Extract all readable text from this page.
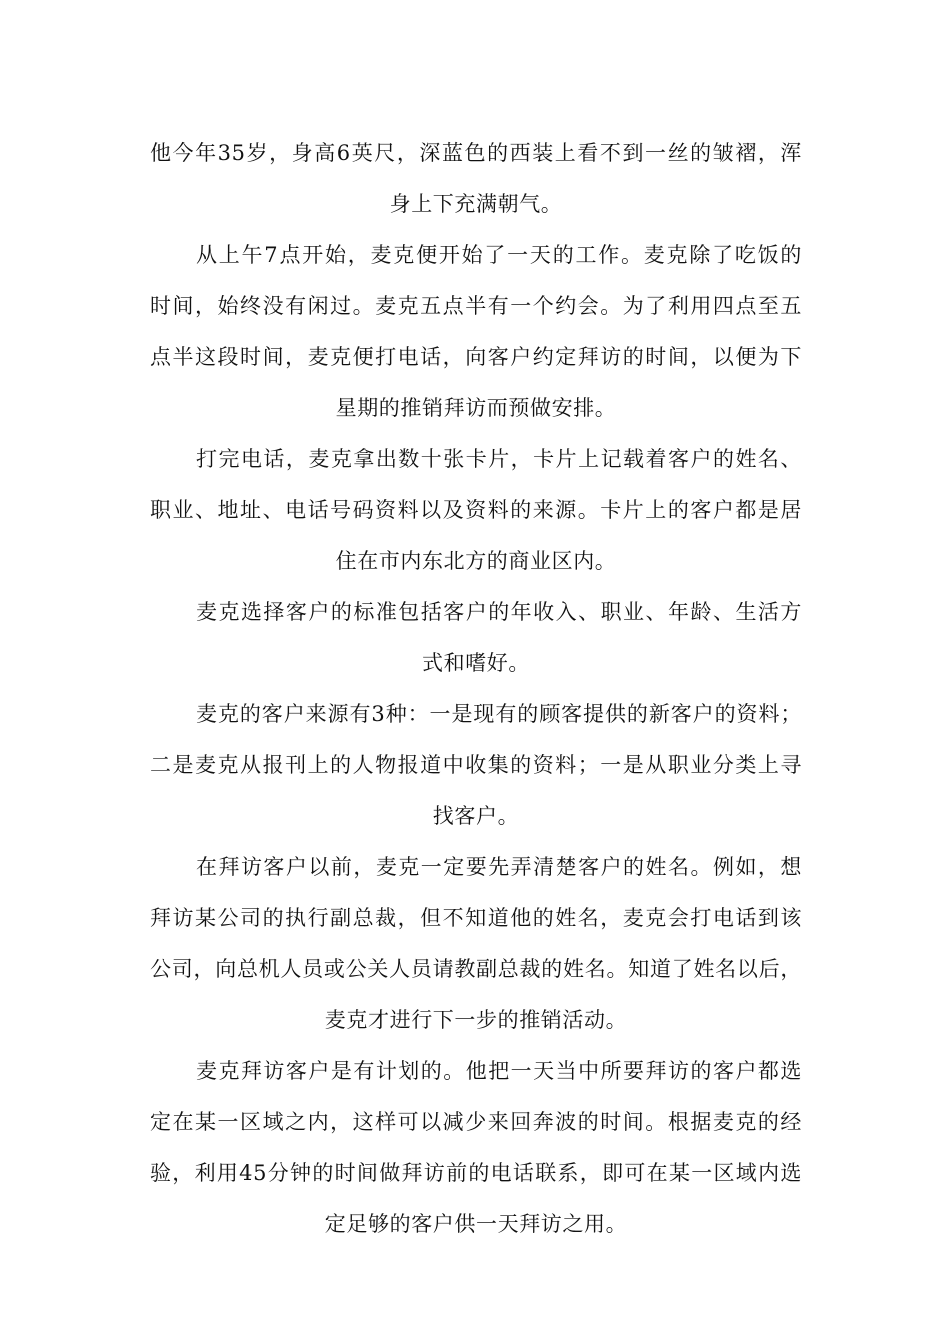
他今年35岁，身高6英尺，深蓝色的西装上看不到一丝的皱褶，浑
身上下充满朝气。
从上午7点开始，麦克便开始了一天的工作。麦克除了吃饭的
时间，始终没有闲过。麦克五点半有一个约会。为了利用四点至五
点半这段时间，麦克便打电话，向客户约定拜访的时间，以便为下
星期的推销拜访而预做安排。
打完电话，麦克拿出数十张卡片，卡片上记载着客户的姓名、
职业、地址、电话号码资料以及资料的来源。卡片上的客户都是居
住在市内东北方的商业区内。
麦克选择客户的标准包括客户的年收入、职业、年龄、生活方
式和嗜好。
麦克的客户来源有3种：一是现有的顾客提供的新客户的资料；
二是麦克从报刊上的人物报道中收集的资料；一是从职业分类上寻
找客户。
在拜访客户以前，麦克一定要先弄清楚客户的姓名。例如，想
拜访某公司的执行副总裁，但不知道他的姓名，麦克会打电话到该
公司，向总机人员或公关人员请教副总裁的姓名。知道了姓名以后，
麦克才进行下一步的推销活动。
麦克拜访客户是有计划的。他把一天当中所要拜访的客户都选
定在某一区域之内，这样可以减少来回奔波的时间。根据麦克的经
验，利用45分钟的时间做拜访前的电话联系，即可在某一区域内选
定足够的客户供一天拜访之用。
